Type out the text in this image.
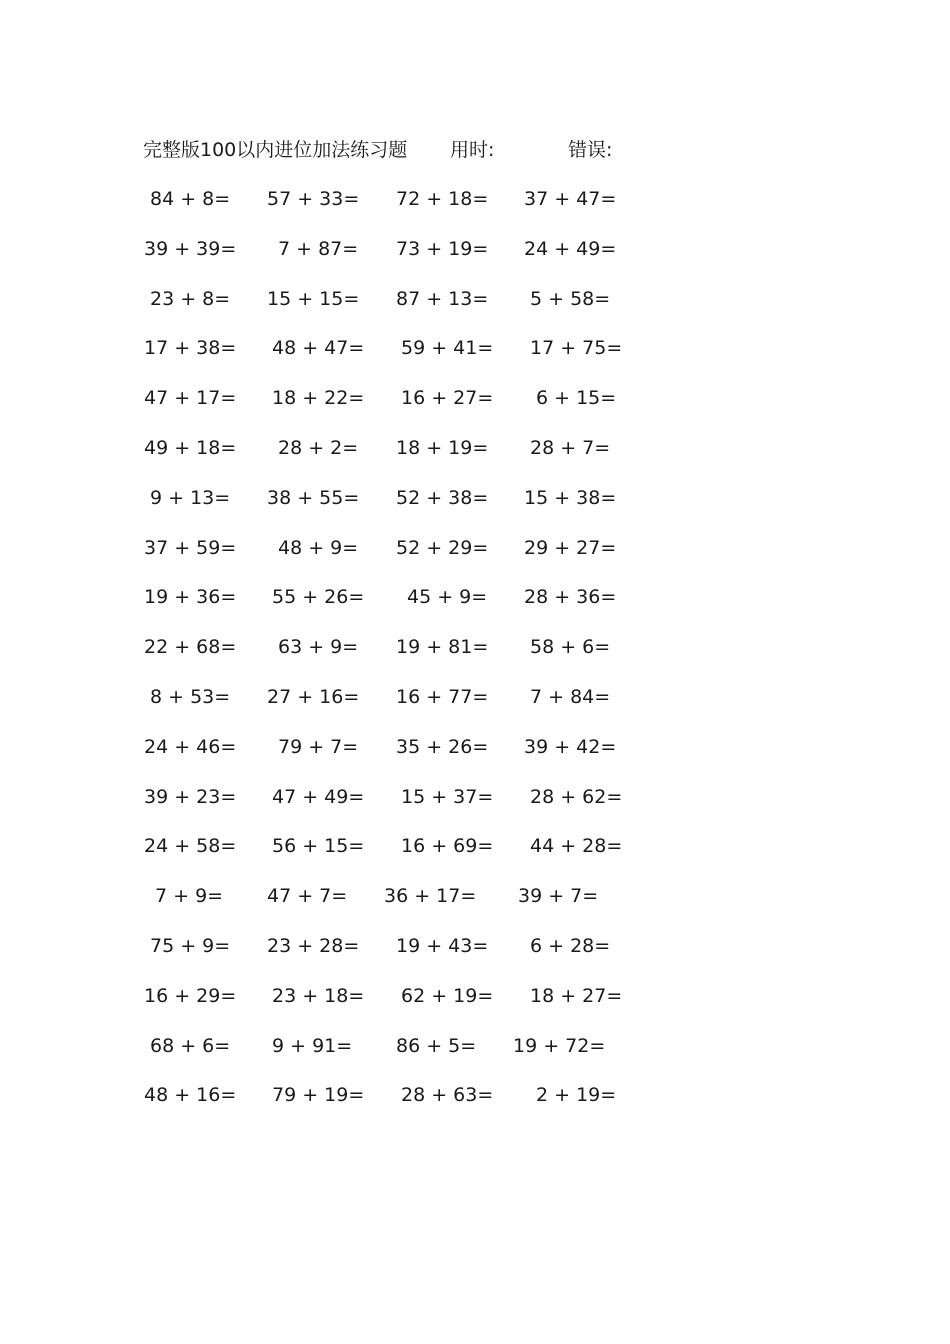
完整版100以内进位加法练习题 用时:	错误:
84 + 8= 57 + 33= 72 + 18= 37 + 47=
39 + 39= 7 + 87= 73 + 19= 24 + 49=
23 + 8= 15 + 15= 87 + 13= 5 + 58=
17 + 38= 48 + 47= 59 + 41= 17 + 75=
47 + 17= 18 + 22= 16 + 27= 6 + 15=
49 + 18= 28 + 2= 18 + 19= 28 + 7=
9 + 13= 38 + 55= 52 + 38= 15 + 38=
37 + 59= 48 + 9= 52 + 29= 29 + 27=
19 + 36= 55 + 26= 45 + 9= 28 + 36=
22 + 68= 63 + 9= 19 + 81= 58 + 6=
8 + 53= 27 + 16= 16 + 77= 7 + 84=
24 + 46= 79 + 7= 35 + 26= 39 + 42=
39 + 23= 47 + 49= 15 + 37= 28 + 62=
24 + 58= 56 + 15= 16 + 69= 44 + 28=
7 + 9= 47 + 7= 36 + 17= 39 + 7=
75 + 9= 23 + 28= 19 + 43= 6 + 28=
16 + 29= 23 + 18= 62 + 19= 18 + 27=
68 + 6= 9 + 91= 86 + 5= 19 + 72=
48 + 16= 79 + 19= 28 + 63= 2 + 19=
